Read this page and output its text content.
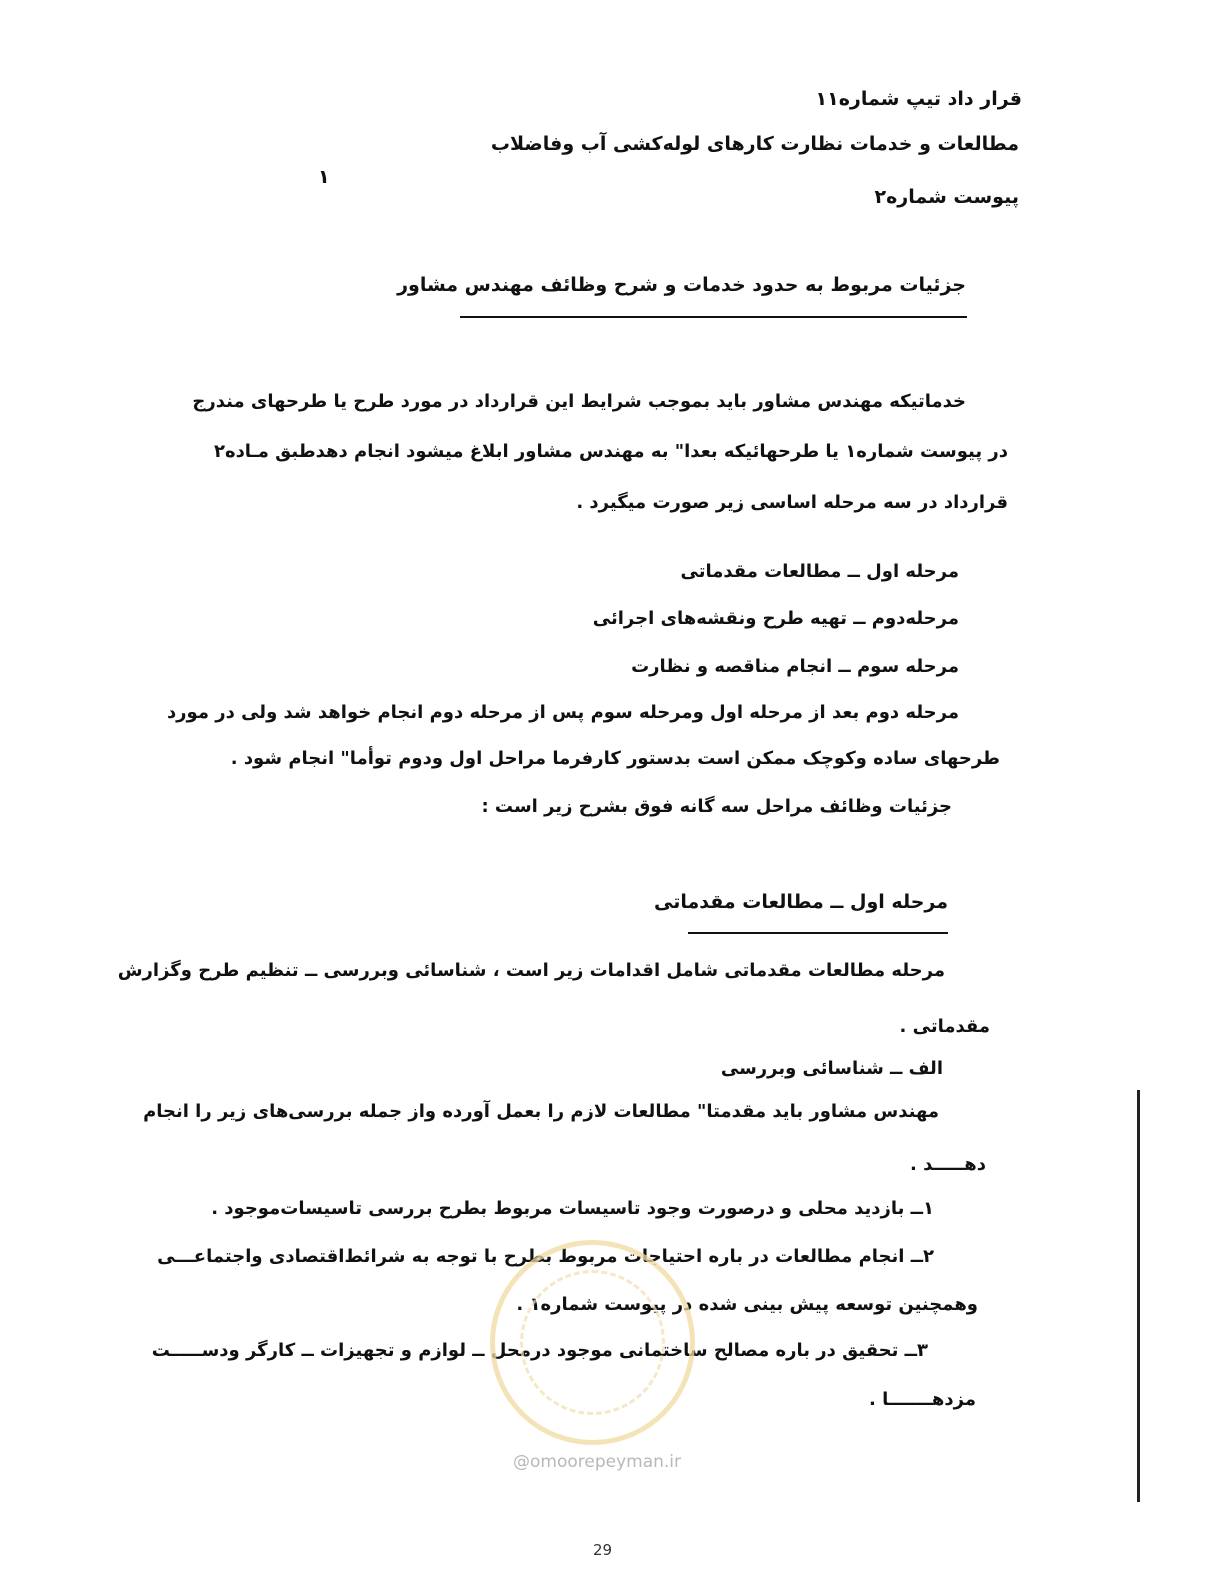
قرار داد تیپ شماره۱۱
مطالعات و خدمات نظارت کارهای لوله‌کشی آب وفاضلاب
پیوست شماره۲
۱
جزئیات مربوط به حدود خدمات و شرح وظائف مهندس مشاور
خدماتیکه مهندس مشاور باید بموجب شرایط این قرارداد در مورد طرح یا طرحهای مندرج
در پیوست شماره۱ یا طرحهائیکه بعدا" به مهندس مشاور ابلاغ میشود انجام دهدطبق مـاده۲
قرارداد در سه مرحله اساسی زیر صورت میگیرد .
مرحله اول ــ مطالعات مقدماتی
مرحله‌دوم ــ تهیه طرح ونقشه‌های اجرائی
مرحله سوم ــ انجام مناقصه و نظارت
مرحله دوم بعد از مرحله اول ومرحله سوم پس از مرحله دوم انجام خواهد شد ولی در مورد
طرحهای ساده وکوچک ممکن است بدستور کارفرما مراحل اول ودوم توأما" انجام شود .
جزئیات وظائف مراحل سه گانه فوق بشرح زیر است :
مرحله اول ــ مطالعات مقدماتی
مرحله مطالعات مقدماتی شامل اقدامات زیر است ، شناسائی وبررسی ــ تنظیم طرح وگزارش
مقدماتی .
الف ــ شناسائی وبررسی
مهندس مشاور باید مقدمتا" مطالعات لازم را بعمل آورده واز جمله بررسی‌های زیر را انجام
دهـــــد .
۱ــ بازدید محلی و درصورت وجود تاسیسات مربوط بطرح بررسی تاسیسات‌موجود .
۲ــ انجام مطالعات در باره احتیاجات مربوط بطرح با توجه به شرائط‌اقتصادی واجتماعـــی
وهمچنین توسعه پیش بینی شده در پیوست شماره۱ .
۳ــ تحقیق در باره مصالح ساختمانی موجود درمحل ــ لوازم و تجهیزات ــ کارگر ودســـــت
مزدهـــــــا .
@omoorepeyman.ir
29
